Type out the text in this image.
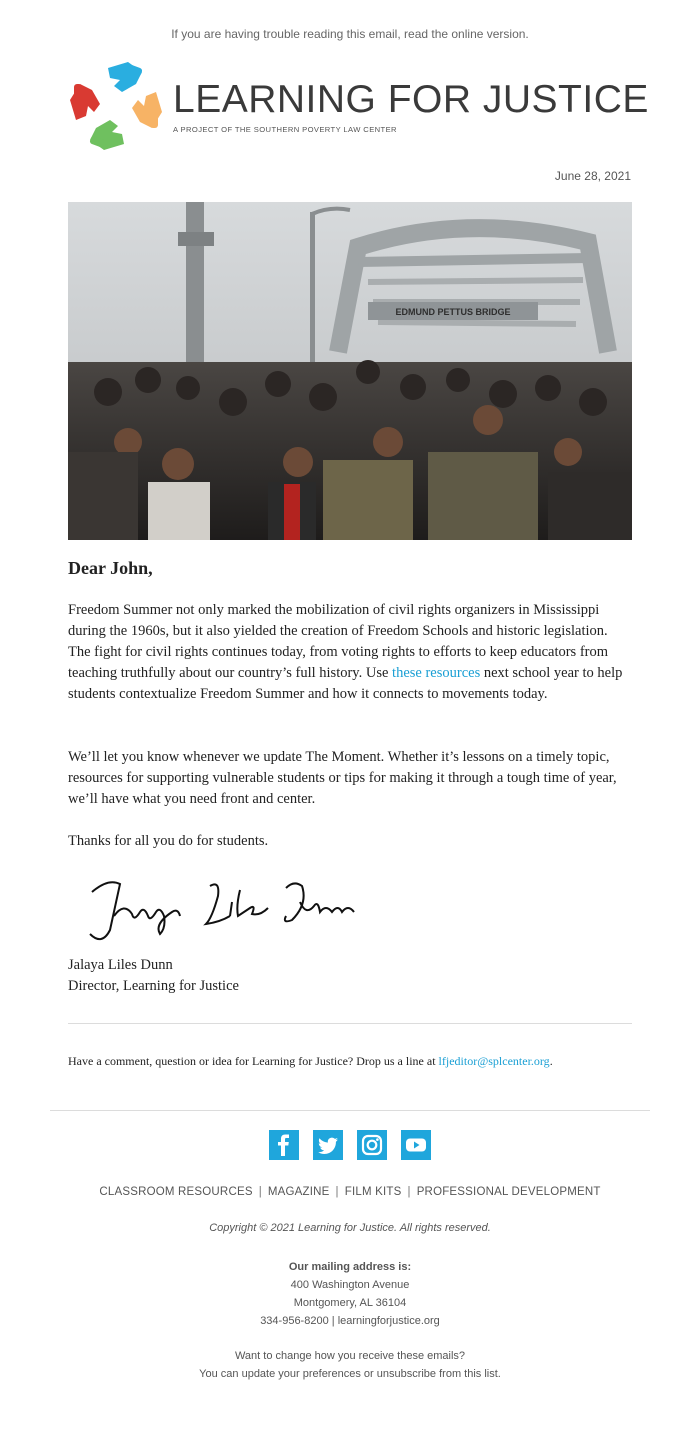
If you are having trouble reading this email, read the online version.
LEARNING FOR JUSTICE
A PROJECT OF THE SOUTHERN POVERTY LAW CENTER
June 28, 2021
EDMUND PETTUS BRIDGE
Dear John,
Freedom Summer not only marked the mobilization of civil rights organizers in Mississippi during the 1960s, but it also yielded the creation of Freedom Schools and historic legislation. The fight for civil rights continues today, from voting rights to efforts to keep educators from teaching truthfully about our country’s full history. Use these resources next school year to help students contextualize Freedom Summer and how it connects to movements today.
We’ll let you know whenever we update The Moment. Whether it’s lessons on a timely topic, resources for supporting vulnerable students or tips for making it through a tough time of year, we’ll have what you need front and center.
Thanks for all you do for students.
Jalaya Liles Dunn
Director, Learning for Justice
Have a comment, question or idea for Learning for Justice? Drop us a line at lfjeditor@splcenter.org.

CLASSROOM RESOURCES | MAGAZINE | FILM KITS | PROFESSIONAL DEVELOPMENT
Copyright © 2021 Learning for Justice. All rights reserved.
Our mailing address is:
400 Washington Avenue
Montgomery, AL 36104
334-956-8200 | learningforjustice.org
Want to change how you receive these emails?
You can update your preferences or unsubscribe from this list.
